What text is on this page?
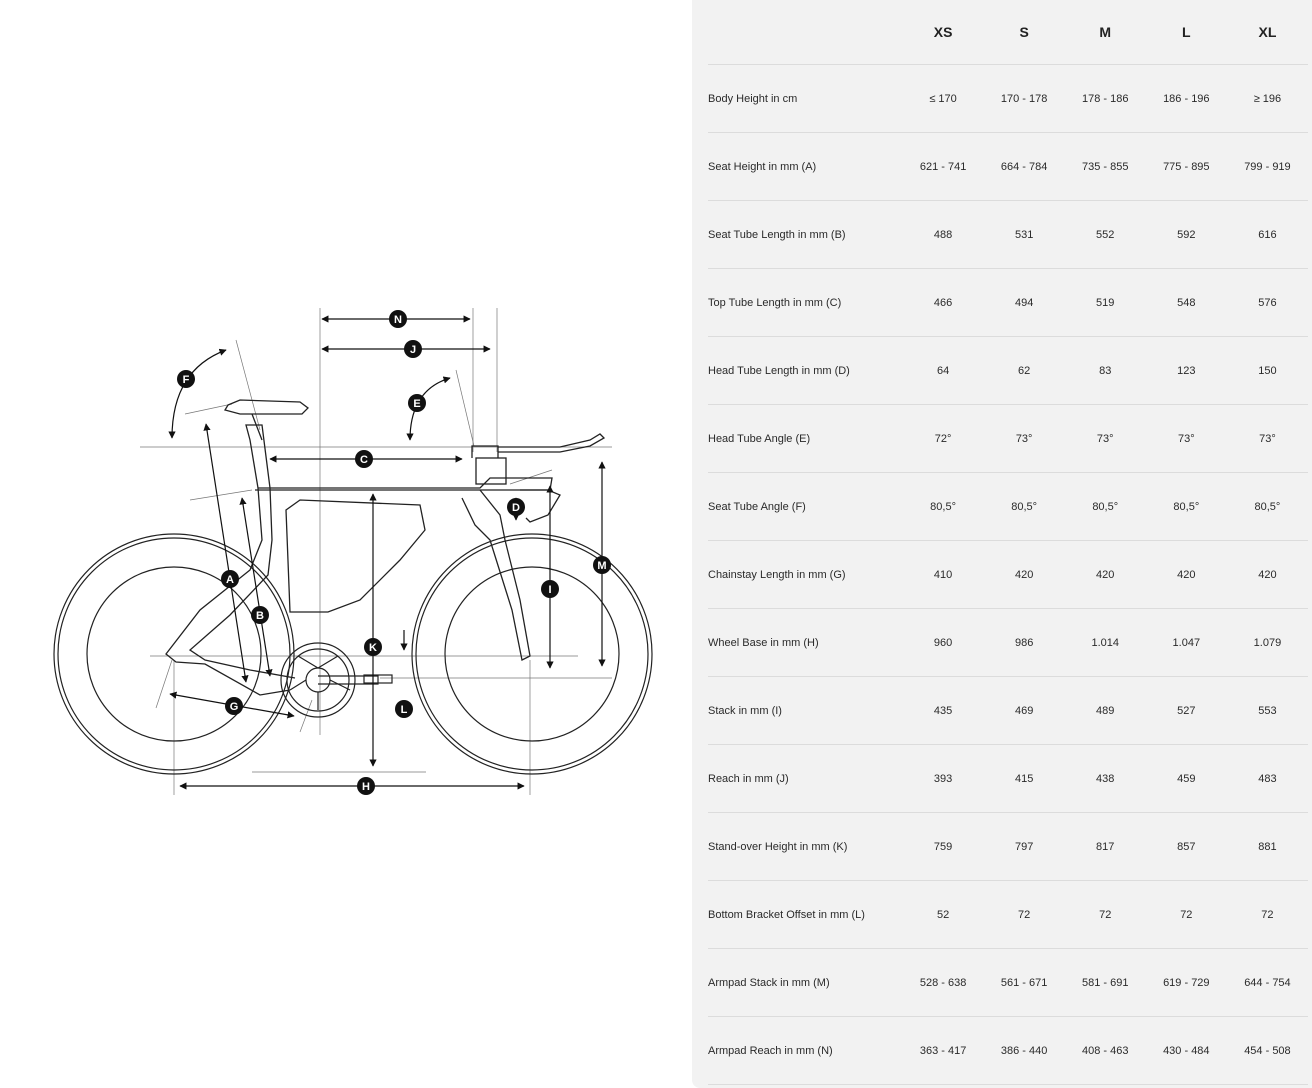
A
B
C
D
E
F
G
H
I
J
K
L
M
N
	XS	S	M	L	XL
Body Height in cm	≤ 170	170 - 178	178 - 186	186 - 196	≥ 196
Seat Height in mm (A)	621 - 741	664 - 784	735 - 855	775 - 895	799 - 919
Seat Tube Length in mm (B)	488	531	552	592	616
Top Tube Length in mm (C)	466	494	519	548	576
Head Tube Length in mm (D)	64	62	83	123	150
Head Tube Angle (E)	72°	73°	73°	73°	73°
Seat Tube Angle (F)	80,5°	80,5°	80,5°	80,5°	80,5°
Chainstay Length in mm (G)	410	420	420	420	420
Wheel Base in mm (H)	960	986	1.014	1.047	1.079
Stack in mm (I)	435	469	489	527	553
Reach in mm (J)	393	415	438	459	483
Stand-over Height in mm (K)	759	797	817	857	881
Bottom Bracket Offset in mm (L)	52	72	72	72	72
Armpad Stack in mm (M)	528 - 638	561 - 671	581 - 691	619 - 729	644 - 754
Armpad Reach in mm (N)	363 - 417	386 - 440	408 - 463	430 - 484	454 - 508
